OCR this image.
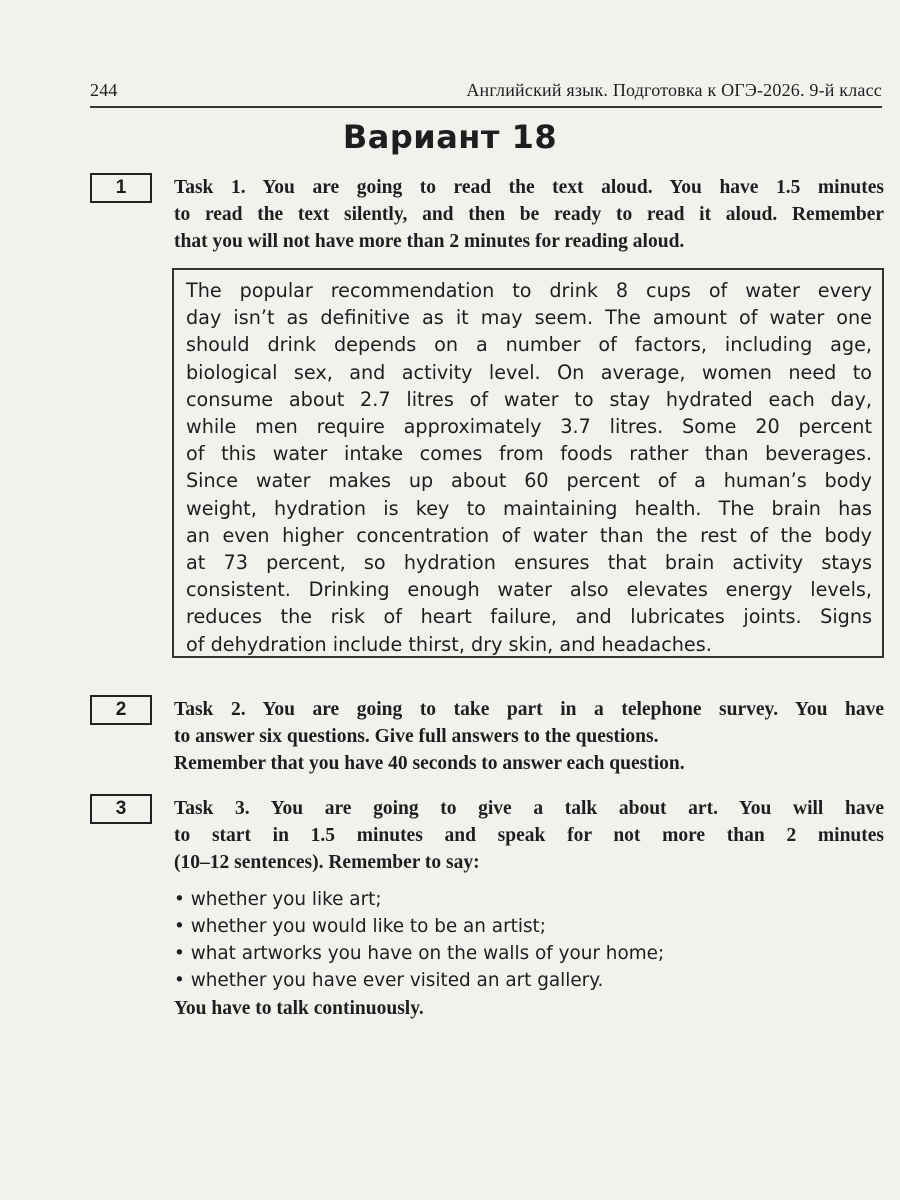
244	Английский язык. Подготовка к ОГЭ-2026. 9-й класс
Вариант 18
1	Task 1. You are going to read the text aloud. You have 1.5 minutes
to read the text silently, and then be ready to read it aloud. Remember
that you will not have more than 2 minutes for reading aloud.
The popular recommendation to drink 8 cups of water every
day isn’t as definitive as it may seem. The amount of water one
should drink depends on a number of factors, including age,
biological sex, and activity level. On average, women need to
consume about 2.7 litres of water to stay hydrated each day,
while men require approximately 3.7 litres. Some 20 percent
of this water intake comes from foods rather than beverages.
Since water makes up about 60 percent of a human’s body
weight, hydration is key to maintaining health. The brain has
an even higher concentration of water than the rest of the body
at 73 percent, so hydration ensures that brain activity stays
consistent. Drinking enough water also elevates energy levels,
reduces the risk of heart failure, and lubricates joints. Signs
of dehydration include thirst, dry skin, and headaches.
2	Task 2. You are going to take part in a telephone survey. You have
to answer six questions. Give full answers to the questions.
Remember that you have 40 seconds to answer each question.
3	Task 3. You are going to give a talk about art. You will have
to start in 1.5 minutes and speak for not more than 2 minutes
(10–12 sentences). Remember to say:
• whether you like art;
• whether you would like to be an artist;
• what artworks you have on the walls of your home;
• whether you have ever visited an art gallery.
You have to talk continuously.
